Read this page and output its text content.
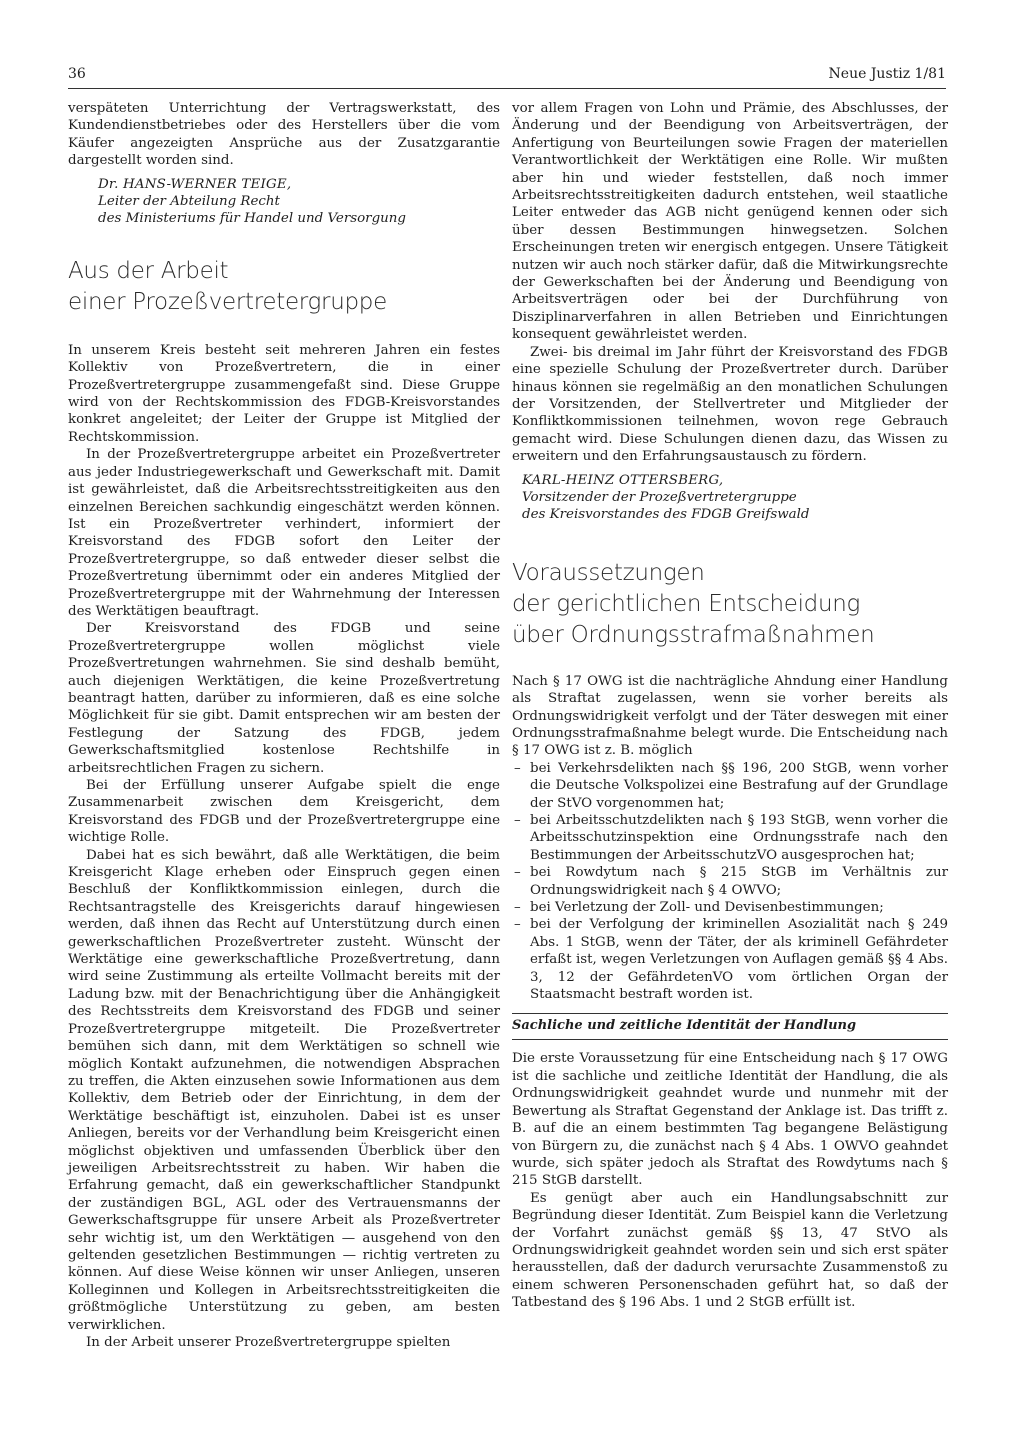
36	Neue Justiz 1/81

verspäteten Unterrichtung der Vertragswerkstatt, des Kundendienstbetriebes oder des Herstellers über die vom Käufer angezeigten Ansprüche aus der Zusatzgarantie dargestellt worden sind.

Dr. HANS-WERNER TEIGE,
Leiter der Abteilung Recht
des Ministeriums für Handel und Versorgung
Aus der Arbeit
einer Prozeßvertretergruppe

In unserem Kreis besteht seit mehreren Jahren ein festes Kollektiv von Prozeßvertretern, die in einer Prozeßvertretergruppe zusammengefaßt sind. Diese Gruppe wird von der Rechtskommission des FDGB-Kreisvorstandes konkret angeleitet; der Leiter der Gruppe ist Mitglied der Rechtskommission.

In der Prozeßvertretergruppe arbeitet ein Prozeßvertreter aus jeder Industriegewerkschaft und Gewerkschaft mit. Damit ist gewährleistet, daß die Arbeitsrechtsstreitigkeiten aus den einzelnen Bereichen sachkundig eingeschätzt werden können. Ist ein Prozeßvertreter verhindert, informiert der Kreisvorstand des FDGB sofort den Leiter der Prozeßvertretergruppe, so daß entweder dieser selbst die Prozeßvertretung übernimmt oder ein anderes Mitglied der Prozeßvertretergruppe mit der Wahrnehmung der Interessen des Werktätigen beauftragt.

Der Kreisvorstand des FDGB und seine Prozeßvertretergruppe wollen möglichst viele Prozeßvertretungen wahrnehmen. Sie sind deshalb bemüht, auch diejenigen Werktätigen, die keine Prozeßvertretung beantragt hatten, darüber zu informieren, daß es eine solche Möglichkeit für sie gibt. Damit entsprechen wir am besten der Festlegung der Satzung des FDGB, jedem Gewerkschaftsmitglied kostenlose Rechtshilfe in arbeitsrechtlichen Fragen zu sichern.

Bei der Erfüllung unserer Aufgabe spielt die enge Zusammenarbeit zwischen dem Kreisgericht, dem Kreisvorstand des FDGB und der Prozeßvertretergruppe eine wichtige Rolle.

Dabei hat es sich bewährt, daß alle Werktätigen, die beim Kreisgericht Klage erheben oder Einspruch gegen einen Beschluß der Konfliktkommission einlegen, durch die Rechtsantragstelle des Kreisgerichts darauf hingewiesen werden, daß ihnen das Recht auf Unterstützung durch einen gewerkschaftlichen Prozeßvertreter zusteht. Wünscht der Werktätige eine gewerkschaftliche Prozeßvertretung, dann wird seine Zustimmung als erteilte Vollmacht bereits mit der Ladung bzw. mit der Benachrichtigung über die Anhängigkeit des Rechtsstreits dem Kreisvorstand des FDGB und seiner Prozeßvertretergruppe mitgeteilt. Die Prozeßvertreter bemühen sich dann, mit dem Werktätigen so schnell wie möglich Kontakt aufzunehmen, die notwendigen Absprachen zu treffen, die Akten einzusehen sowie Informationen aus dem Kollektiv, dem Betrieb oder der Einrichtung, in dem der Werktätige beschäftigt ist, einzuholen. Dabei ist es unser Anliegen, bereits vor der Verhandlung beim Kreisgericht einen möglichst objektiven und umfassenden Überblick über den jeweiligen Arbeitsrechtsstreit zu haben. Wir haben die Erfahrung gemacht, daß ein gewerkschaftlicher Standpunkt der zuständigen BGL, AGL oder des Vertrauensmanns der Gewerkschaftsgruppe für unsere Arbeit als Prozeßvertreter sehr wichtig ist, um den Werktätigen — ausgehend von den geltenden gesetzlichen Bestimmungen — richtig vertreten zu können. Auf diese Weise können wir unser Anliegen, unseren Kolleginnen und Kollegen in Arbeitsrechtsstreitigkeiten die größtmögliche Unterstützung zu geben, am besten verwirklichen.

In der Arbeit unserer Prozeßvertretergruppe spielten

vor allem Fragen von Lohn und Prämie, des Abschlusses, der Änderung und der Beendigung von Arbeitsverträgen, der Anfertigung von Beurteilungen sowie Fragen der materiellen Verantwortlichkeit der Werktätigen eine Rolle. Wir mußten aber hin und wieder feststellen, daß noch immer Arbeitsrechtsstreitigkeiten dadurch entstehen, weil staatliche Leiter entweder das AGB nicht genügend kennen oder sich über dessen Bestimmungen hinwegsetzen. Solchen Erscheinungen treten wir energisch entgegen. Unsere Tätigkeit nutzen wir auch noch stärker dafür, daß die Mitwirkungsrechte der Gewerkschaften bei der Änderung und Beendigung von Arbeitsverträgen oder bei der Durchführung von Disziplinarverfahren in allen Betrieben und Einrichtungen konsequent gewährleistet werden.

Zwei- bis dreimal im Jahr führt der Kreisvorstand des FDGB eine spezielle Schulung der Prozeßvertreter durch. Darüber hinaus können sie regelmäßig an den monatlichen Schulungen der Vorsitzenden, der Stellvertreter und Mitglieder der Konfliktkommissionen teilnehmen, wovon rege Gebrauch gemacht wird. Diese Schulungen dienen dazu, das Wissen zu erweitern und den Erfahrungsaustausch zu fördern.

KARL-HEINZ OTTERSBERG,
Vorsitzender der Prozeßvertretergruppe
des Kreisvorstandes des FDGB Greifswald
Voraussetzungen
der gerichtlichen Entscheidung
über Ordnungsstrafmaßnahmen

Nach § 17 OWG ist die nachträgliche Ahndung einer Handlung als Straftat zugelassen, wenn sie vorher bereits als Ordnungswidrigkeit verfolgt und der Täter deswegen mit einer Ordnungsstrafmaßnahme belegt wurde. Die Entscheidung nach § 17 OWG ist z. B. möglich

– bei Verkehrsdelikten nach §§ 196, 200 StGB, wenn vorher die Deutsche Volkspolizei eine Bestrafung auf der Grundlage der StVO vorgenommen hat;
– bei Arbeitsschutzdelikten nach § 193 StGB, wenn vorher die Arbeitsschutzinspektion eine Ordnungsstrafe nach den Bestimmungen der ArbeitsschutzVO ausgesprochen hat;
– bei Rowdytum nach § 215 StGB im Verhältnis zur Ordnungswidrigkeit nach § 4 OWVO;
– bei Verletzung der Zoll- und Devisenbestimmungen;
– bei der Verfolgung der kriminellen Asozialität nach § 249 Abs. 1 StGB, wenn der Täter, der als kriminell Gefährdeter erfaßt ist, wegen Verletzungen von Auflagen gemäß §§ 4 Abs. 3, 12 der GefährdetenVO vom örtlichen Organ der Staatsmacht bestraft worden ist.
Sachliche und zeitliche Identität der Handlung

Die erste Voraussetzung für eine Entscheidung nach § 17 OWG ist die sachliche und zeitliche Identität der Handlung, die als Ordnungswidrigkeit geahndet wurde und nunmehr mit der Bewertung als Straftat Gegenstand der Anklage ist. Das trifft z. B. auf die an einem bestimmten Tag begangene Belästigung von Bürgern zu, die zunächst nach § 4 Abs. 1 OWVO geahndet wurde, sich später jedoch als Straftat des Rowdytums nach § 215 StGB darstellt.

Es genügt aber auch ein Handlungsabschnitt zur Begründung dieser Identität. Zum Beispiel kann die Verletzung der Vorfahrt zunächst gemäß §§ 13, 47 StVO als Ordnungswidrigkeit geahndet worden sein und sich erst später herausstellen, daß der dadurch verursachte Zusammenstoß zu einem schweren Personenschaden geführt hat, so daß der Tatbestand des § 196 Abs. 1 und 2 StGB erfüllt ist.
